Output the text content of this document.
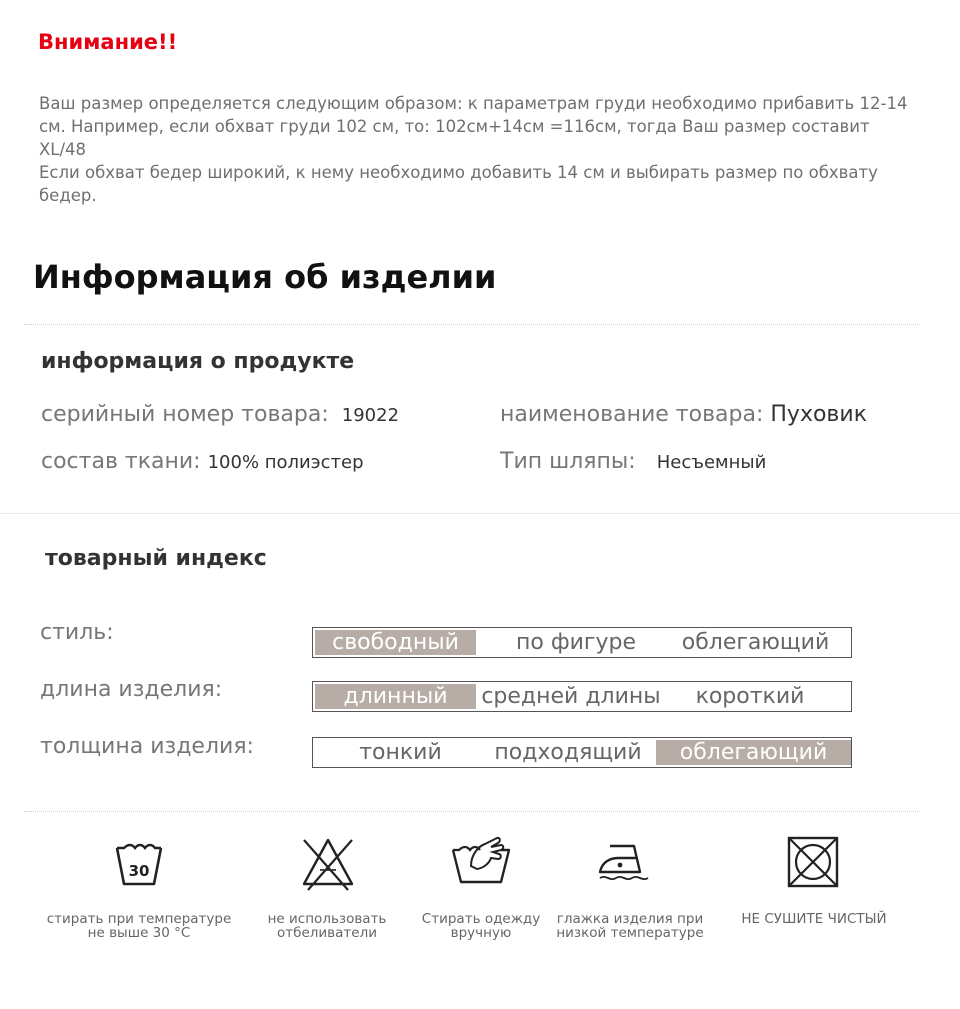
Внимание!!
Ваш размер определяется следующим образом: к параметрам груди необходимо прибавить 12-14
см. Например, если обхват груди 102 см, то: 102см+14см =116см, тогда Ваш размер составит XL/48
Если обхват бедер широкий, к нему необходимо добавить 14 см и выбирать размер по обхвату
бедер.
Информация об изделии
информация о продукте
серийный номер товара: 19022	наименование товара: Пуховик
состав ткани: 100% полиэстер	Тип шляпы: Несъемный
товарный индекс
стиль:	свободный	по фигуре	облегающий
длина изделия:	длинный	средней длины	короткий
толщина изделия:	тонкий	подходящий	облегающий
30
стирать при температуре
не выше 30 °C
не использовать
отбеливатели
Стирать одежду
вручную
глажка изделия при
низкой температуре
НЕ СУШИТЕ ЧИСТЫЙ
